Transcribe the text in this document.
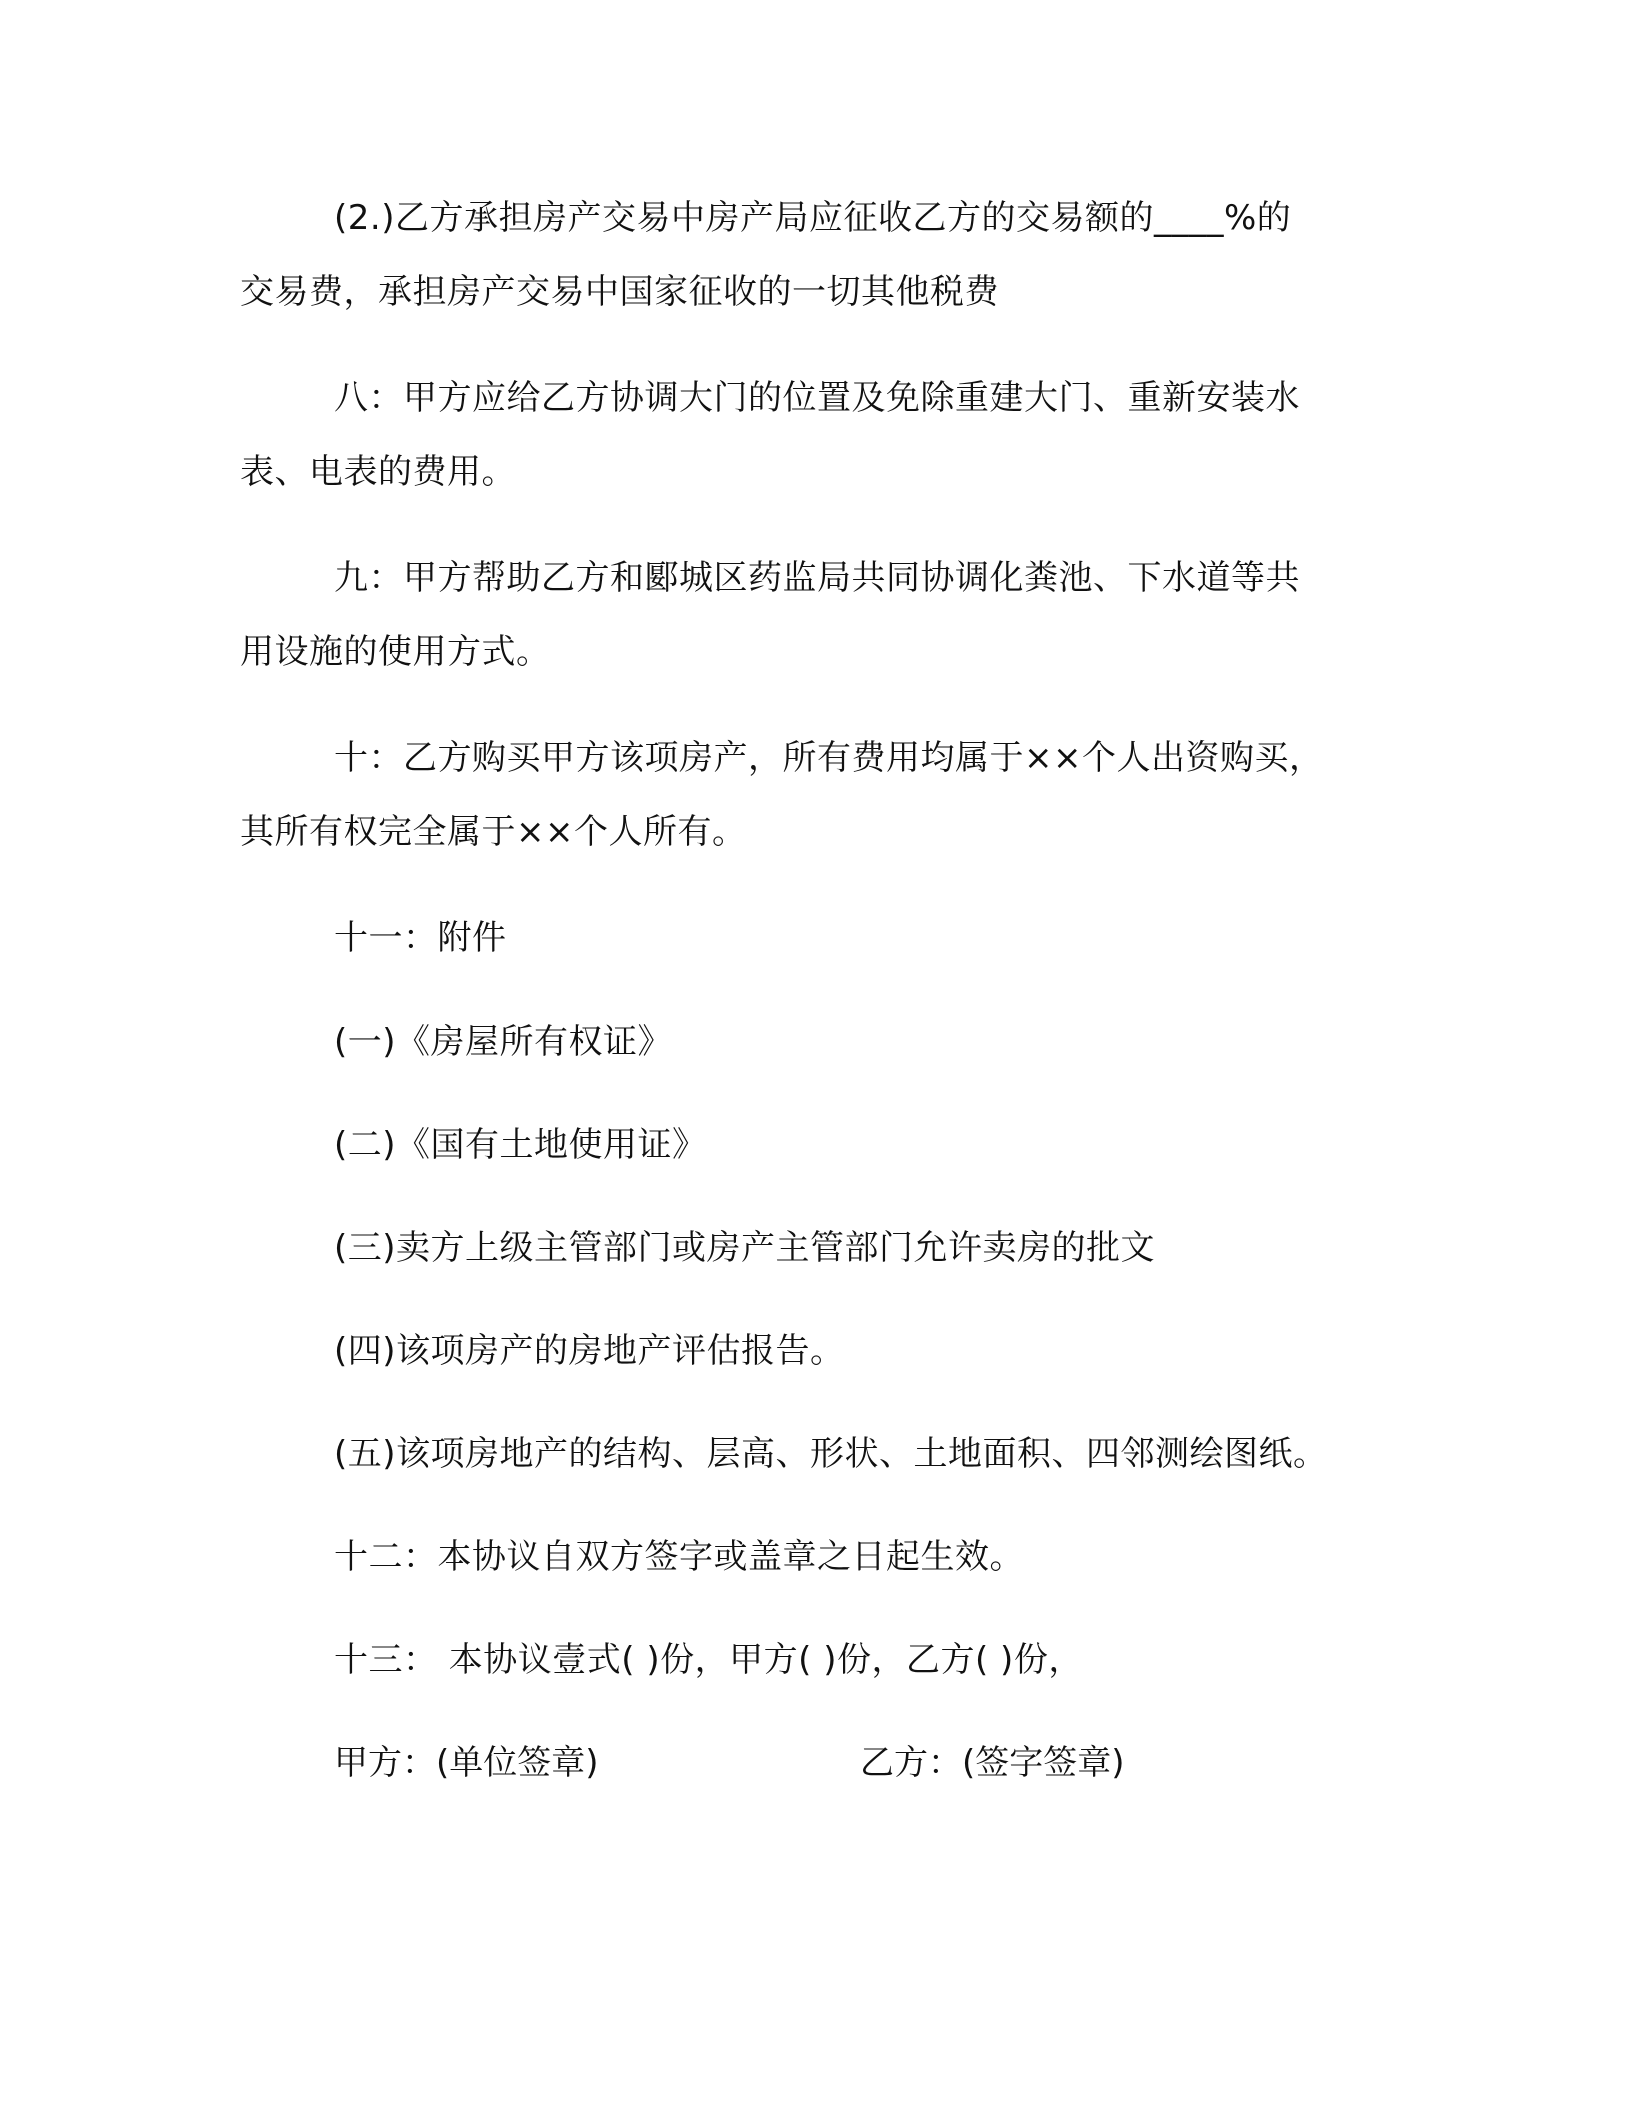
(2.)乙方承担房产交易中房产局应征收乙方的交易额的____%的
交易费，承担房产交易中国家征收的一切其他税费
八：甲方应给乙方协调大门的位置及免除重建大门、重新安装水
表、电表的费用。
九：甲方帮助乙方和郾城区药监局共同协调化粪池、下水道等共
用设施的使用方式。
十：乙方购买甲方该项房产，所有费用均属于××个人出资购买，
其所有权完全属于××个人所有。
十一：附件
(一)《房屋所有权证》
(二)《国有土地使用证》
(三)卖方上级主管部门或房产主管部门允许卖房的批文
(四)该项房产的房地产评估报告。
(五)该项房地产的结构、层高、形状、土地面积、四邻测绘图纸。
十二：本协议自双方签字或盖章之日起生效。
十三： 本协议壹式( )份，甲方( )份，乙方( )份，
甲方：(单位签章)	乙方：(签字签章)
